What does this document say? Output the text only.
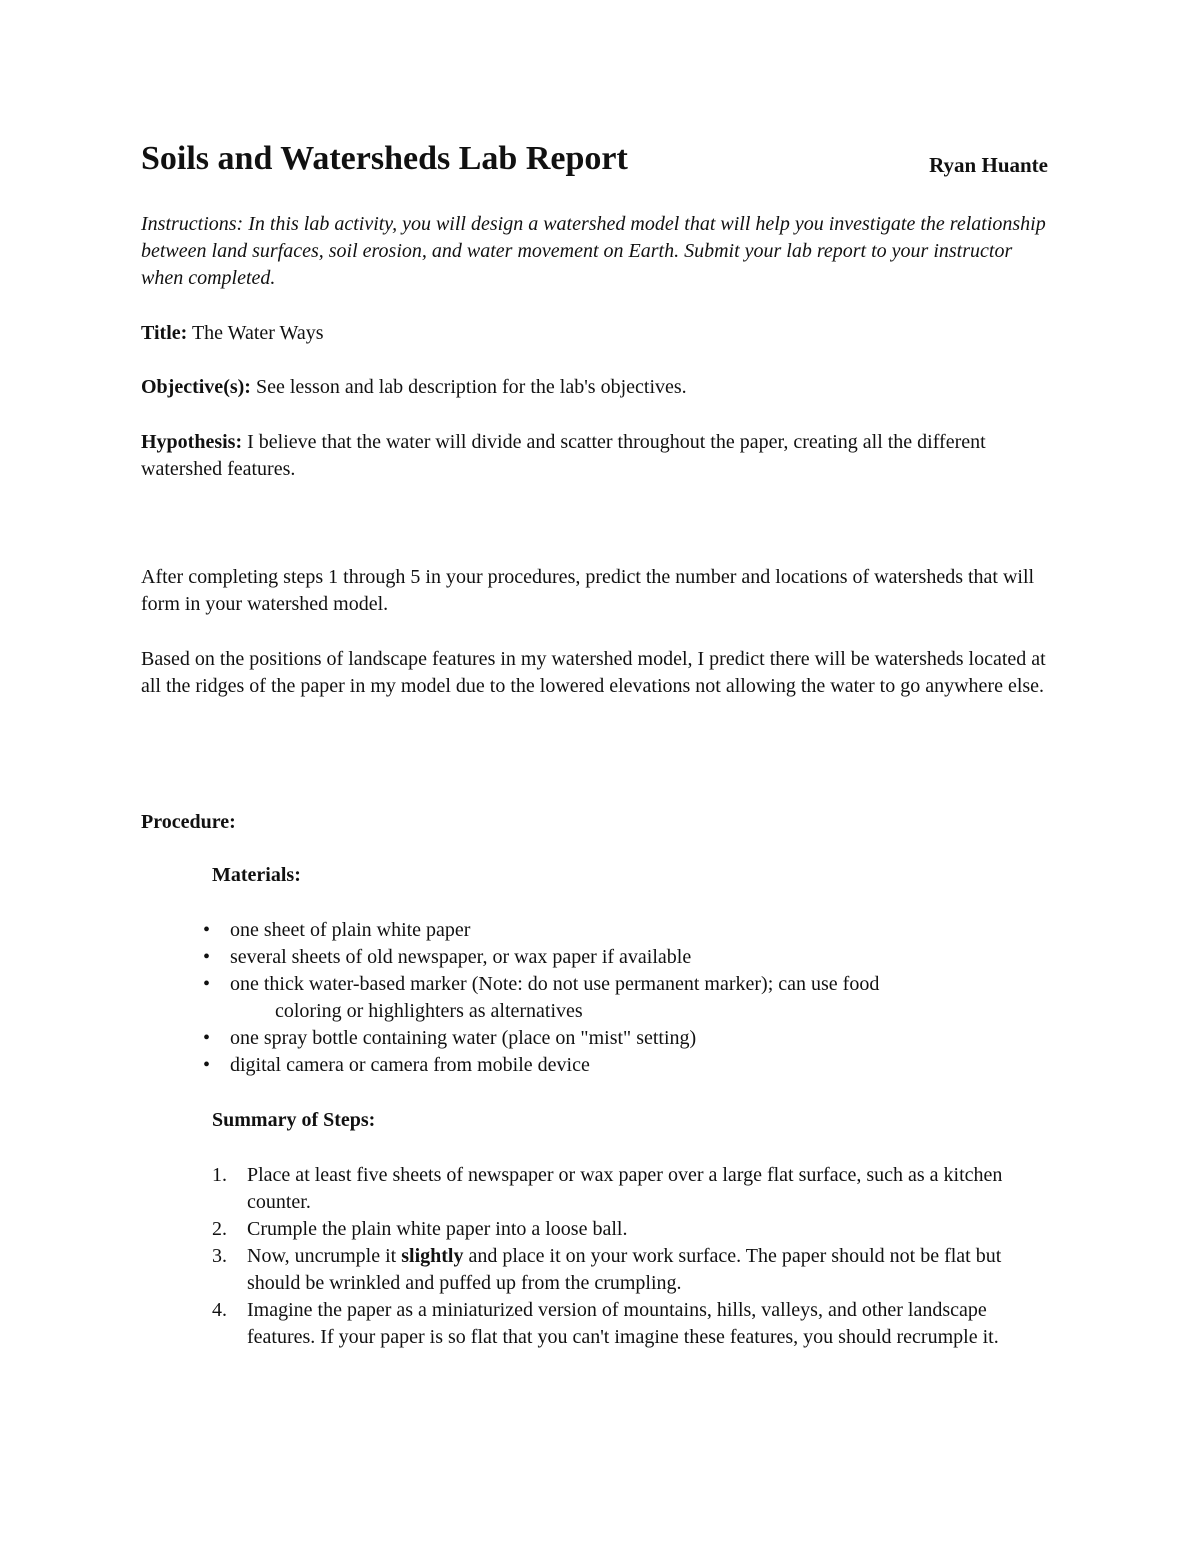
Soils and Watersheds Lab Report	Ryan Huante
Instructions: In this lab activity, you will design a watershed model that will help you investigate the relationship between land surfaces, soil erosion, and water movement on Earth. Submit your lab report to your instructor when completed.
Title: The Water Ways
Objective(s): See lesson and lab description for the lab's objectives.
Hypothesis: I believe that the water will divide and scatter throughout the paper, creating all the different watershed features.
After completing steps 1 through 5 in your procedures, predict the number and locations of watersheds that will form in your watershed model.
Based on the positions of landscape features in my watershed model, I predict there will be watersheds located at all the ridges of the paper in my model due to the lowered elevations not allowing the water to go anywhere else.
Procedure:
Materials:
• one sheet of plain white paper
• several sheets of old newspaper, or wax paper if available
• one thick water-based marker (Note: do not use permanent marker); can use food
coloring or highlighters as alternatives
• one spray bottle containing water (place on "mist" setting)
• digital camera or camera from mobile device
Summary of Steps:
1. Place at least five sheets of newspaper or wax paper over a large flat surface, such as a kitchen counter.
2. Crumple the plain white paper into a loose ball.
3. Now, uncrumple it slightly and place it on your work surface. The paper should not be flat but should be wrinkled and puffed up from the crumpling.
4. Imagine the paper as a miniaturized version of mountains, hills, valleys, and other landscape features. If your paper is so flat that you can't imagine these features, you should recrumple it.
